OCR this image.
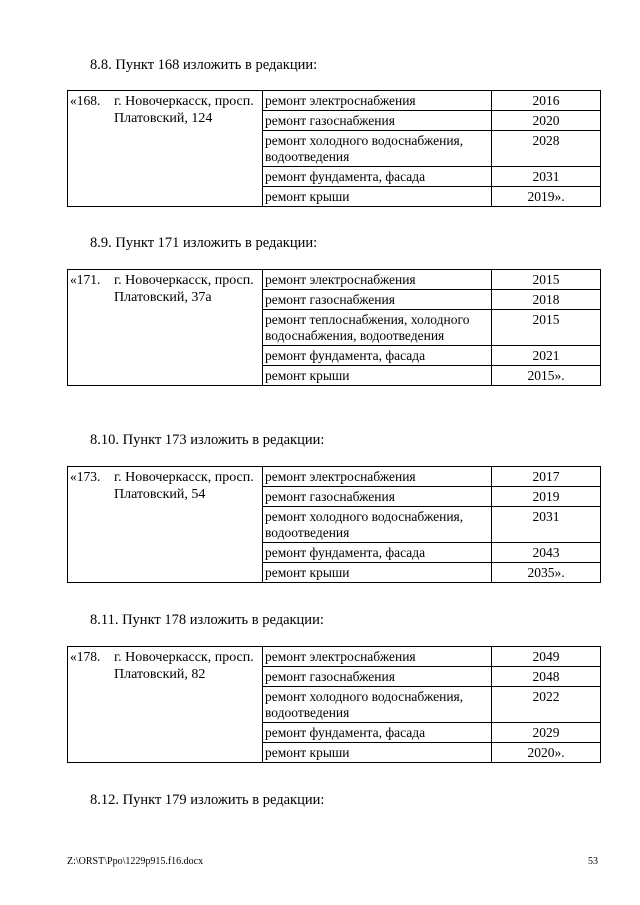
8.8. Пункт 168 изложить в редакции:
«168.	г. Новочеркасск, просп. Платовский, 124	ремонт электроснабжения	2016
		ремонт газоснабжения	2020
		ремонт холодного водоснабжения, водоотведения	2028
		ремонт фундамента, фасада	2031
		ремонт крыши	2019».
8.9. Пункт 171 изложить в редакции:
«171.	г. Новочеркасск, просп. Платовский, 37а	ремонт электроснабжения	2015
		ремонт газоснабжения	2018
		ремонт теплоснабжения, холодного водоснабжения, водоотведения	2015
		ремонт фундамента, фасада	2021
		ремонт крыши	2015».
8.10. Пункт 173 изложить в редакции:
«173.	г. Новочеркасск, просп. Платовский, 54	ремонт электроснабжения	2017
		ремонт газоснабжения	2019
		ремонт холодного водоснабжения, водоотведения	2031
		ремонт фундамента, фасада	2043
		ремонт крыши	2035».
8.11. Пункт 178 изложить в редакции:
«178.	г. Новочеркасск, просп. Платовский, 82	ремонт электроснабжения	2049
		ремонт газоснабжения	2048
		ремонт холодного водоснабжения, водоотведения	2022
		ремонт фундамента, фасада	2029
		ремонт крыши	2020».
8.12. Пункт 179 изложить в редакции:
Z:\ORST\Ppo\1229p915.f16.docx	53
